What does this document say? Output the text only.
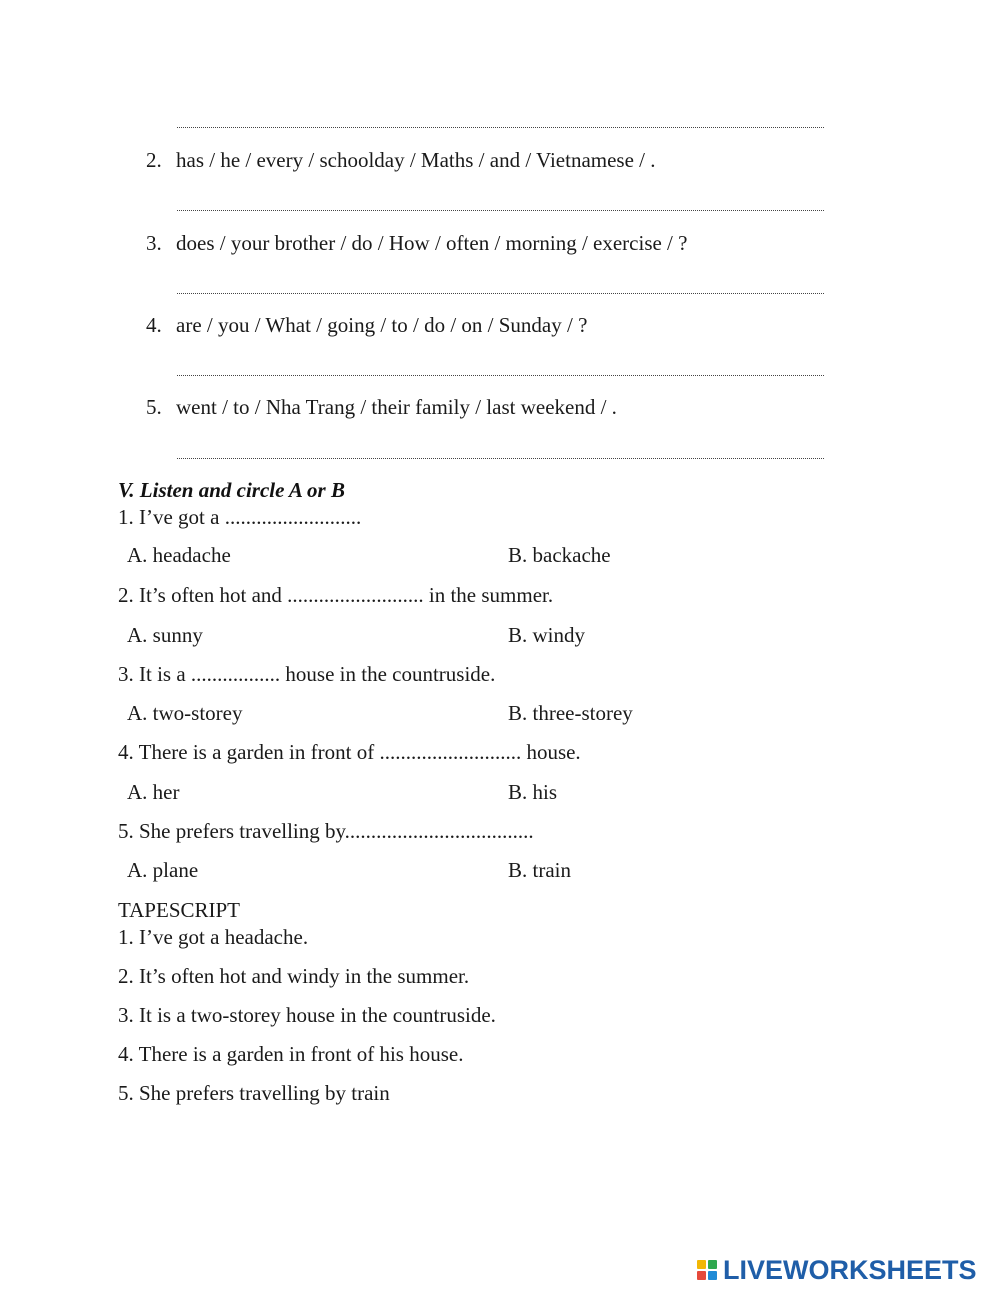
2. has / he / every / schoolday / Maths / and / Vietnamese / .
3. does / your brother / do / How / often / morning / exercise / ?
4. are / you / What / going / to / do / on / Sunday / ?
5. went / to / Nha Trang / their family / last weekend / .
V. Listen and circle A or B
1. I’ve got a ..........................
A. headache	B. backache
2. It’s often hot and .......................... in the summer.
A. sunny	B. windy
3. It is a ................. house in the countruside.
A. two-storey	B. three-storey
4. There is a garden in front of ........................... house.
A. her	B. his
5. She prefers travelling by....................................
A. plane	B. train
TAPESCRIPT
1. I’ve got a headache.
2. It’s often hot and windy in the summer.
3. It is a two-storey house in the countruside.
4. There is a garden in front of his house.
5. She prefers travelling by train
LIVEWORKSHEETS
